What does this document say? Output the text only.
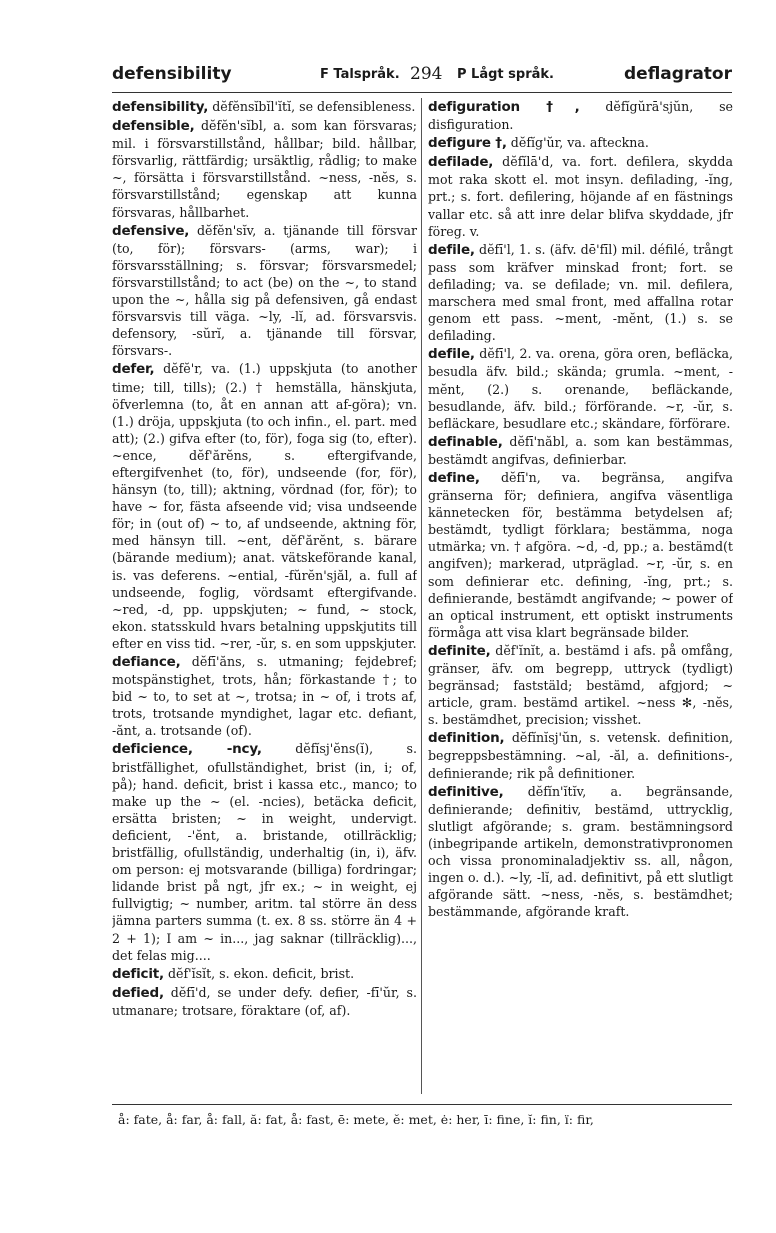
defensibility	F Talspråk. 294 P Lågt språk.	deflagrator

defensibility, dĕfĕnsĭbĭl'ĭtĭ, se defensibleness.

defensible, dĕfĕn'sĭbl, a. som kan försvaras; mil. i försvarstillstånd, hållbar; bild. hållbar, försvarlig, rättfärdig; ursäktlig, rådlig; to make ~, försätta i försvarstillstånd. ~ness, -nĕs, s. försvarstillstånd; egenskap att kunna försvaras, hållbarhet.

defensive, dĕfĕn'sĭv, a. tjänande till försvar (to, för); försvars- (arms, war); i försvarsställning; s. försvar; försvarsmedel; försvarstillstånd; to act (be) on the ~, to stand upon the ~, hålla sig på defensiven, gå endast försvarsvis till väga. ~ly, -lĭ, ad. försvarsvis. defensory, -sŭrĭ, a. tjänande till försvar, försvars-.

defer, dĕfĕ'r, va. (1.) uppskjuta (to another time; till, tills); (2.) † hemställa, hänskjuta, öfverlemna (to, åt en annan att af-göra); vn. (1.) dröja, uppskjuta (to och infin., el. part. med att); (2.) gifva efter (to, för), foga sig (to, efter). ~ence, dĕf'ărĕns, s. eftergifvande, eftergifvenhet (to, för), undseende (for, för), hänsyn (to, till); aktning, vördnad (for, för); to have ~ for, fästa afseende vid; visa undseende för; in (out of) ~ to, af undseende, aktning för, med hänsyn till. ~ent, dĕf'ărĕnt, s. bärare (bärande medium); anat. vätskeförande kanal, is. vas deferens. ~ential, -fŭrĕn'sjăl, a. full af undseende, foglig, vördsamt eftergifvande. ~red, -d, pp. uppskjuten; ~ fund, ~ stock, ekon. statsskuld hvars betalning uppskjutits till efter en viss tid. ~rer, -ŭr, s. en som uppskjuter.

defiance, dĕfī'ăns, s. utmaning; fejdebref; motspänstighet, trots, hån; förkastande †; to bid ~ to, to set at ~, trotsa; in ~ of, i trots af, trots, trotsande myndighet, lagar etc. defiant, -ănt, a. trotsande (of).

deficience, -ncy, dĕfĭsj'ĕns(ĭ), s. bristfällighet, ofullständighet, brist (in, i; of, på); hand. deficit, brist i kassa etc., manco; to make up the ~ (el. -ncies), betäcka deficit, ersätta bristen; ~ in weight, undervigt. deficient, -'ĕnt, a. bristande, otillräcklig; bristfällig, ofullständig, underhaltig (in, i), äfv. om person: ej motsvarande (billiga) fordringar; lidande brist på ngt, jfr ex.; ~ in weight, ej fullvigtig; ~ number, aritm. tal större än dess jämna parters summa (t. ex. 8 ss. större än 4 + 2 + 1); I am ~ in..., jag saknar (tillräcklig)..., det felas mig....

deficit, dĕf'ĭsĭt, s. ekon. deficit, brist.

defied, dĕfī'd, se under defy. defier, -fī'ŭr, s. utmanare; trotsare, föraktare (of, af).

defiguration †, dĕfĭgŭrā'sjŭn, se disfiguration.

defigure †, dĕfĭg'ŭr, va. afteckna.

defilade, dĕfĭlā'd, va. fort. defilera, skydda mot raka skott el. mot insyn. defilading, -ĭng, prt.; s. fort. defilering, höjande af en fästnings vallar etc. så att inre delar blifva skyddade, jfr föreg. v.

defile, dĕfī'l, 1. s. (äfv. dē'fīl) mil. défilé, trångt pass som kräfver minskad front; fort. se defilading; va. se defilade; vn. mil. defilera, marschera med smal front, med affallna rotar genom ett pass. ~ment, -mĕnt, (1.) s. se defilading.

defile, dĕfī'l, 2. va. orena, göra oren, befläcka, besudla äfv. bild.; skända; grumla. ~ment, -mĕnt, (2.) s. orenande, befläckande, besudlande, äfv. bild.; förförande. ~r, -ŭr, s. befläckare, besudlare etc.; skändare, förförare.

definable, dĕfī'năbl, a. som kan bestämmas, bestämdt angifvas, definierbar.

define, dĕfī'n, va. begränsa, angifva gränserna för; definiera, angifva väsentliga kännetecken för, bestämma betydelsen af; bestämdt, tydligt förklara; bestämma, noga utmärka; vn. † afgöra. ~d, -d, pp.; a. bestämd(t angifven); markerad, utpräglad. ~r, -ŭr, s. en som definierar etc. defining, -ĭng, prt.; s. definierande, bestämdt angifvande; ~ power of an optical instrument, ett optiskt instruments förmåga att visa klart begränsade bilder.

definite, dĕf'ĭnĭt, a. bestämd i afs. på omfång, gränser, äfv. om begrepp, uttryck (tydligt) begränsad; faststäld; bestämd, afgjord; ~ article, gram. bestämd artikel. ~ness ✻, -nĕs, s. bestämdhet, precision; visshet.

definition, dĕfĭnĭsj'ŭn, s. vetensk. definition, begreppsbestämning. ~al, -ăl, a. definitions-, definierande; rik på definitioner.

definitive, dĕfĭn'ĭtĭv, a. begränsande, definierande; definitiv, bestämd, uttrycklig, slutligt afgörande; s. gram. bestämningsord (inbegripande artikeln, demonstrativpronomen och vissa pronominaladjektiv ss. all, någon, ingen o. d.). ~ly, -lĭ, ad. definitivt, på ett slutligt afgörande sätt. ~ness, -nĕs, s. bestämdhet; bestämmande, afgörande kraft.

å: fate, å: far, å: fall, ă: fat, å: fast, ē: mete, ĕ: met, ė: her, ī: fine, ĭ: fin, ï: fir,
